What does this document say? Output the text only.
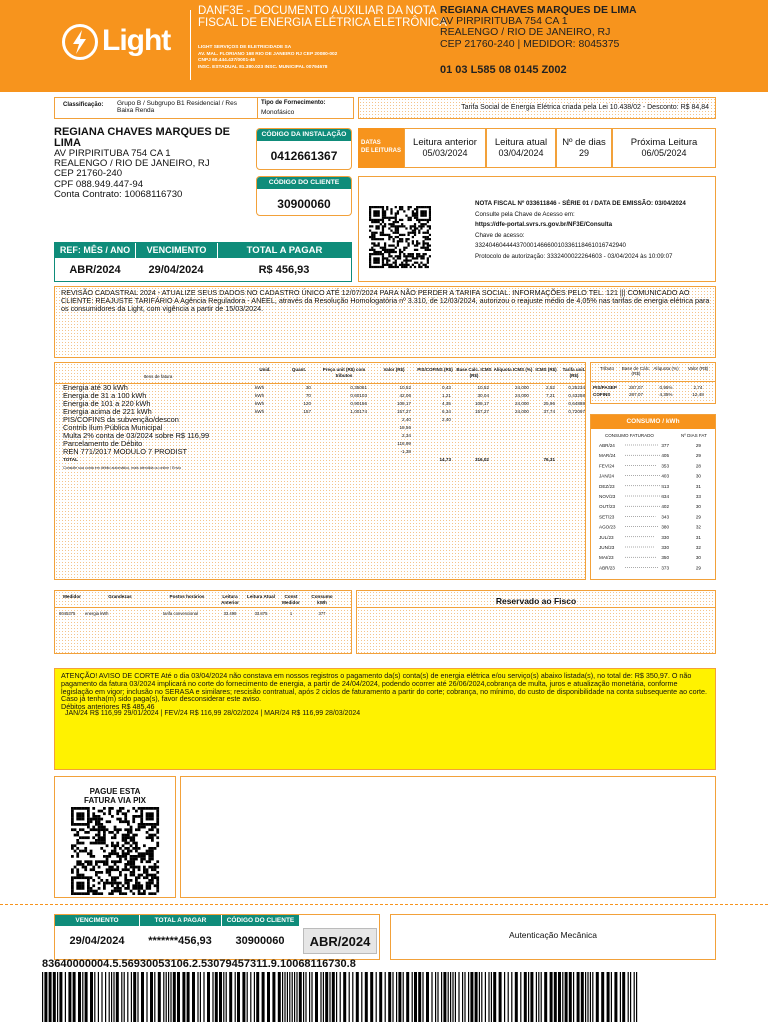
Light
DANF3E - DOCUMENTO AUXILIAR DA NOTA
FISCAL DE ENERGIA ELÉTRICA ELETRÔNICA
LIGHT SERVIÇOS DE ELETRICIDADE SA
AV. MAL. FLORIANO 168 RIO DE JANEIRO RJ CEP 20080-002
CNPJ 60.444.437/0001-46
INSC. ESTADUAL 81.380.023 INSC. MUNICIPAL 00794678
REGIANA CHAVES MARQUES DE LIMA
AV PIRPIRITUBA 754 CA 1
REALENGO / RIO DE JANEIRO, RJ
CEP 21760-240 | MEDIDOR: 8045375
01 03 L585 08 0145 Z002
Classificação: Grupo B / Subgrupo B1 Residencial / Res Baixa Renda
Tipo de Fornecimento:
Monofásico
Tarifa Social de Energia Elétrica criada pela Lei 10.438/02 - Desconto: R$ 84,84
REGIANA CHAVES MARQUES DE
LIMA
AV PIRPIRITUBA 754 CA 1
REALENGO / RIO DE JANEIRO, RJ
CEP 21760-240
CPF 088.949.447-94
Conta Contrato: 10068116730
CÓDIGO DA INSTALAÇÃO
0412661367
CÓDIGO DO CLIENTE
30900060
DATAS
DE LEITURAS
Leitura anterior
05/03/2024
Leitura atual
03/04/2024
Nº de dias
29
Próxima Leitura
06/05/2024
NOTA FISCAL Nº 033611846 - SÉRIE 01 / DATA DE EMISSÃO: 03/04/2024
Consulte pela Chave de Acesso em:
https://dfe-portal.svrs.rs.gov.br/NF3E/Consulta
Chave de acesso:
33240460444437000146660010336118461016742940
Protocolo de autorização: 3332400022264603 - 03/04/2024 às 10:09:07
REF: MÊS / ANO	VENCIMENTO	TOTAL A PAGAR
ABR/2024	29/04/2024	R$ 456,93
REVISÃO CADASTRAL 2024 - ATUALIZE SEUS DADOS NO CADASTRO ÚNICO ATÉ 12/07/2024 PARA NÃO PERDER A TARIFA SOCIAL. INFORMAÇÕES PELO TEL. 121 ||| COMUNICADO AO CLIENTE: REAJUSTE TARIFÁRIO A Agência Reguladora - ANEEL, através da Resolução Homologatória nº 3.310, de 12/03/2024, autorizou o reajuste médio de 4,05% nas tarifas de energia elétrica para os consumidores da Light, com vigência a partir de 15/03/2024.
Itens de fatura
Unid.	Quant.	Preço unit (R$) com tributos
Valor (R$)	PIS/COFINS (R$) Base Calc. ICMS (R$)
Alíquota ICMS (%) ICMS (R$)	Tarifa unit. (R$)
Energia até 30 kWh	kWh	30	0,35061	10,52	0,43	10,52	24,000	2,52	0,25234
Energia de 31 a 100 kWh	kWh	70	0,60103	42,06	1,21	30,04	24,000	7,21	0,43258
Energia de 101 a 220 kWh	kWh	120	0,90156	108,17	4,35	108,17	24,000	25,96	0,64888
Energia acima de 221 kWh	kWh	157	1,00174	157,27	6,34	157,27	24,000	37,74	0,72097
PIS/COFINS da subvenção/descon	2,40	2,40
Contrib Ilum Pública Municipal	18,56
Multa 2% conta de 03/2024 sobre R$ 116,99	2,34
Parcelamento de Débito	116,99
REN 771/2017 MODULO 7 PRODIST	-1,38
TOTAL	14,73	316,02	76,31
Consulte sua conta em débito automático, mais atendida ou online / Envio
Tributo	Base de Cálc. (R$)
Alíquota (%)	Valor (R$)
PIS/PASEP	287,07	0,95%	2,74
COFINS	287,07	4,35%	12,48
CONSUMO / kWh
CONSUMO FATURADO	Nº DIAS FAT
ABR/24	377	29
MAR/24	405	29
FEV/24	353	28
JAN/24	403	30
DEZ/23	413	31
NOV/23	434	33
OUT/23	402	30
SET/23	343	29
AGO/23	380	32
JUL/23	330	31
JUN/23	330	32
MAI/23	350	30
ABR/23	373	29
Medidor	Grandezas	Postos horários	Leitura Anterior
Leitura Atual	Const Medidor
Consumo kWh
8045375	energia kWh	tarifa convencional	33.498	33.875	1	377
Reservado ao Fisco
ATENÇÃO! AVISO DE CORTE Até o dia 03/04/2024 não constava em nossos registros o pagamento da(s) conta(s) de energia elétrica e/ou serviço(s) abaixo listada(s), no total de: R$ 350,97. O não pagamento da fatura 03/2024 implicará no corte do fornecimento de energia, a partir de 24/04/2024, podendo ocorrer até 26/06/2024,cobrança de multa, juros e atualização monetária, conforme legislação em vigor; inclusão no SERASA e similares; rescisão contratual, após 2 ciclos de faturamento a partir do corte; cobrança, no mínimo, do custo de disponibilidade na conta subsequente ao corte. Caso já tenha(m) sido paga(s), favor desconsiderar este aviso.
Débitos anteriores R$ 485,46
JAN/24 R$ 116,99 29/01/2024 | FEV/24 R$ 116,99 28/02/2024 | MAR/24 R$ 116,99 28/03/2024
PAGUE ESTA
FATURA VIA PIX
VENCIMENTO	TOTAL A PAGAR	CÓDIGO DO CLIENTE
29/04/2024	*******456,93	30900060	ABR/2024	Autenticação Mecânica
83640000004.5.56930053106.2.53079457311.9.10068116730.8
